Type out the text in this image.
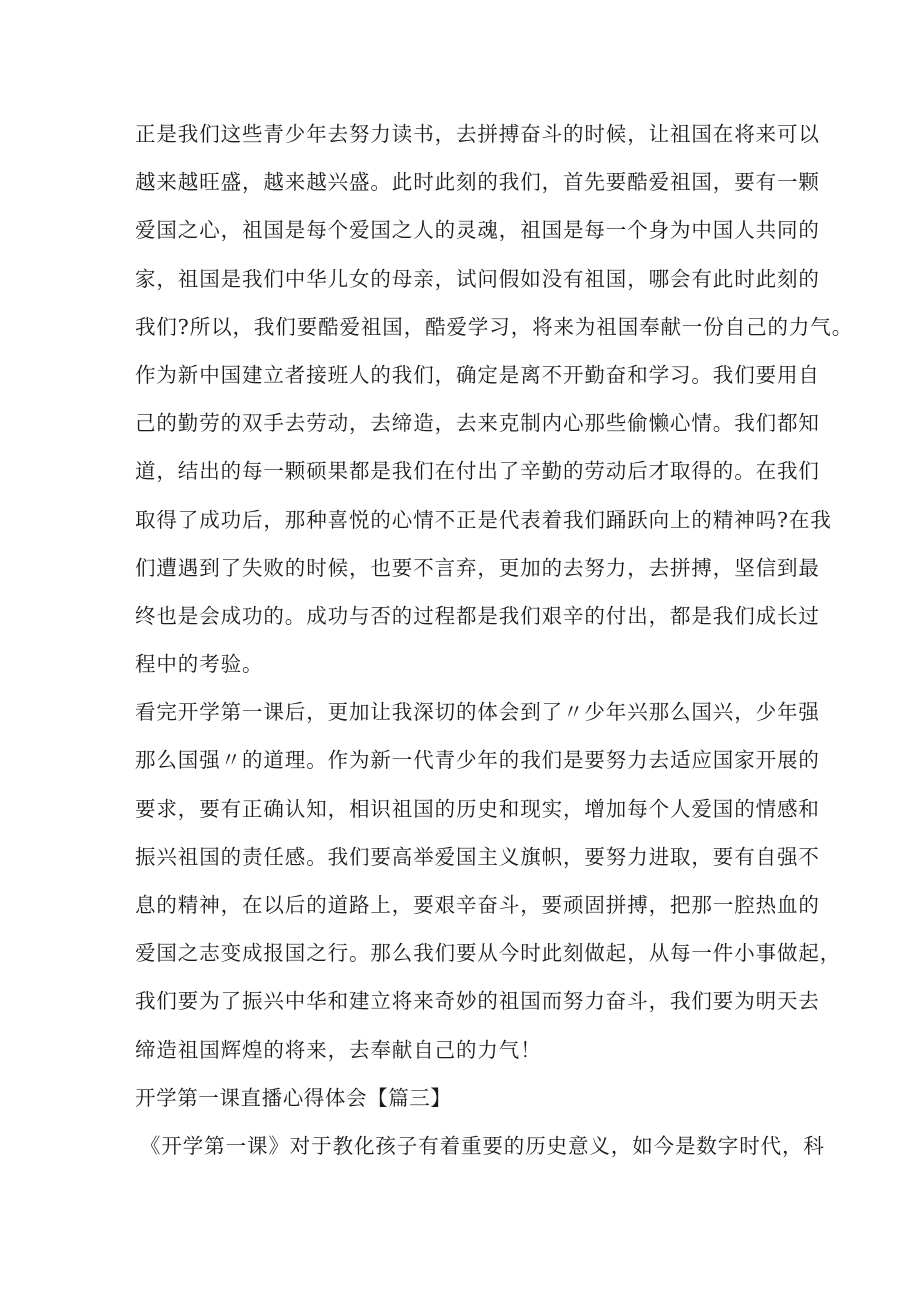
正是我们这些青少年去努力读书，去拼搏奋斗的时候，让祖国在将来可以
越来越旺盛，越来越兴盛。此时此刻的我们，首先要酷爱祖国，要有一颗
爱国之心，祖国是每个爱国之人的灵魂，祖国是每一个身为中国人共同的
家，祖国是我们中华儿女的母亲，试问假如没有祖国，哪会有此时此刻的
我们?所以，我们要酷爱祖国，酷爱学习，将来为祖国奉献一份自己的力气。
作为新中国建立者接班人的我们，确定是离不开勤奋和学习。我们要用自
己的勤劳的双手去劳动，去缔造，去来克制内心那些偷懒心情。我们都知
道，结出的每一颗硕果都是我们在付出了辛勤的劳动后才取得的。在我们
取得了成功后，那种喜悦的心情不正是代表着我们踊跃向上的精神吗?在我
们遭遇到了失败的时候，也要不言弃，更加的去努力，去拼搏，坚信到最
终也是会成功的。成功与否的过程都是我们艰辛的付出，都是我们成长过
程中的考验。
看完开学第一课后，更加让我深切的体会到了〃少年兴那么国兴，少年强
那么国强〃的道理。作为新一代青少年的我们是要努力去适应国家开展的
要求，要有正确认知，相识祖国的历史和现实，增加每个人爱国的情感和
振兴祖国的责任感。我们要高举爱国主义旗帜，要努力进取，要有自强不
息的精神，在以后的道路上，要艰辛奋斗，要顽固拼搏，把那一腔热血的
爱国之志变成报国之行。那么我们要从今时此刻做起，从每一件小事做起，
我们要为了振兴中华和建立将来奇妙的祖国而努力奋斗，我们要为明天去
缔造祖国辉煌的将来，去奉献自己的力气！
开学第一课直播心得体会【篇三】
《开学第一课》对于教化孩子有着重要的历史意义，如今是数字时代，科
